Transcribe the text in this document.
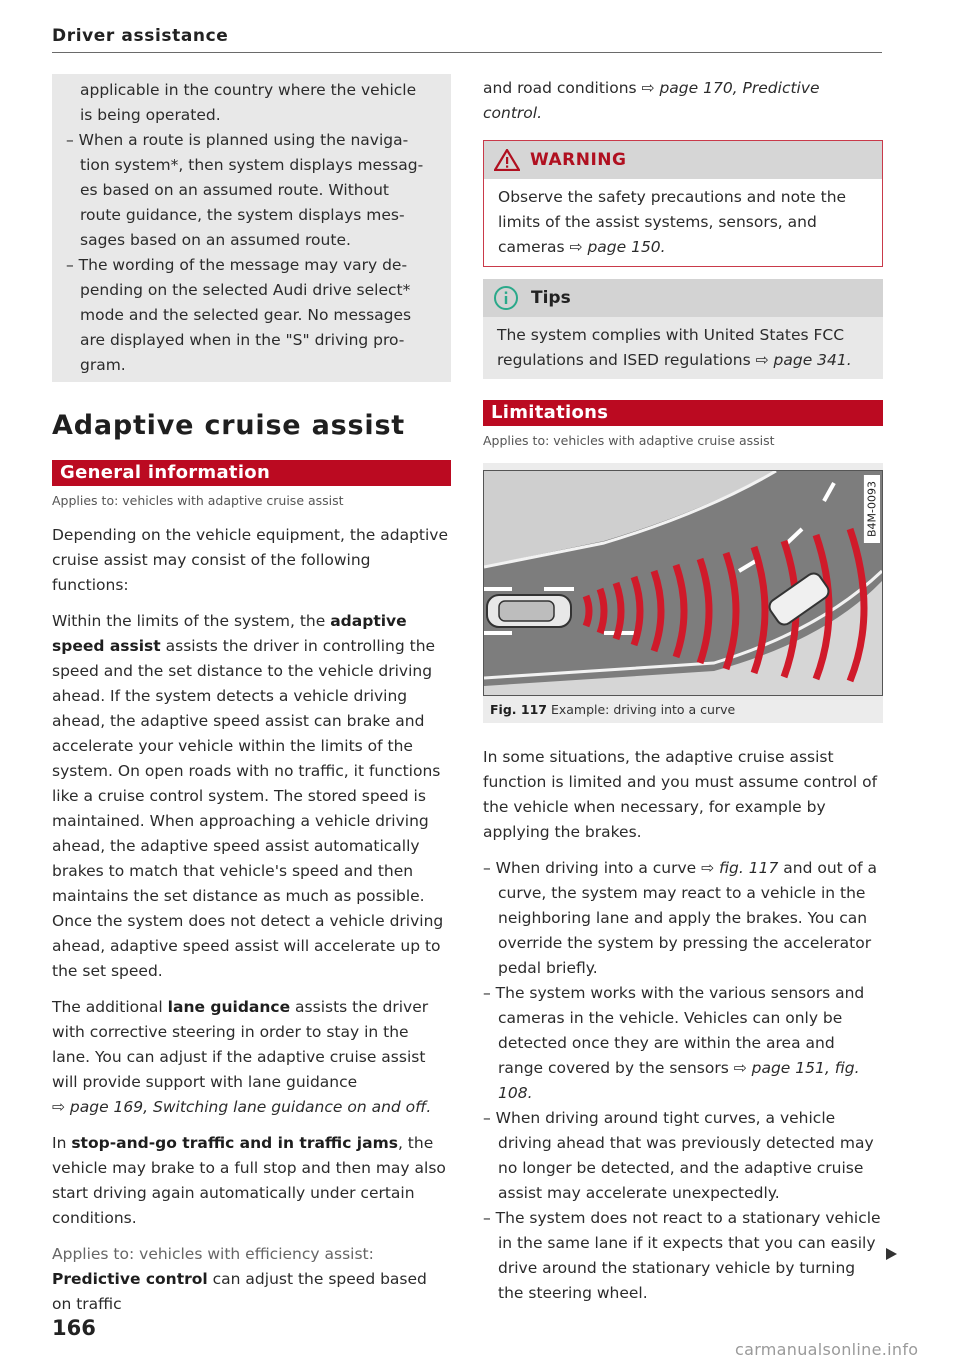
Driver assistance

applicable in the country where the vehicle

is being operated.

– When a route is planned using the naviga-

tion system*, then system displays messag-

es based on an assumed route. Without

route guidance, the system displays mes-

sages based on an assumed route.

– The wording of the message may vary de-

pending on the selected Audi drive select*

mode and the selected gear. No messages

are displayed when in the "S" driving pro-

gram.

Adaptive cruise assist
General information
Applies to: vehicles with adaptive cruise assist

Depending on the vehicle equipment, the adaptive cruise assist may consist of the following functions:

Within the limits of the system, the adaptive speed assist assists the driver in controlling the speed and the set distance to the vehicle driving ahead. If the system detects a vehicle driving ahead, the adaptive speed assist can brake and accelerate your vehicle within the limits of the system. On open roads with no traffic, it functions like a cruise control system. The stored speed is maintained. When approaching a vehicle driving ahead, the adaptive speed assist automatically brakes to match that vehicle's speed and then maintains the set distance as much as possible. Once the system does not detect a vehicle driving ahead, adaptive speed assist will accelerate up to the set speed.

The additional lane guidance assists the driver with corrective steering in order to stay in the lane. You can adjust if the adaptive cruise assist will provide support with lane guidance
⇨ page 169, Switching lane guidance on and off.

In stop-and-go traffic and in traffic jams, the vehicle may brake to a full stop and then may also start driving again automatically under certain conditions.

Applies to: vehicles with efficiency assist: Predictive control can adjust the speed based on traffic

and road conditions ⇨ page 170, Predictive control.

WARNING

Observe the safety precautions and note the limits of the assist systems, sensors, and cameras ⇨ page 150.

Tips

The system complies with United States FCC regulations and ISED regulations ⇨ page 341.

Limitations
Applies to: vehicles with adaptive cruise assist
B4M-0093
Fig. 117 Example: driving into a curve

In some situations, the adaptive cruise assist function is limited and you must assume control of the vehicle when necessary, for example by applying the brakes.

– When driving into a curve ⇨ fig. 117 and out of a curve, the system may react to a vehicle in the neighboring lane and apply the brakes. You can override the system by pressing the accelerator pedal briefly.

– The system works with the various sensors and cameras in the vehicle. Vehicles can only be detected once they are within the area and range covered by the sensors ⇨ page 151, fig. 108.

– When driving around tight curves, a vehicle driving ahead that was previously detected may no longer be detected, and the adaptive cruise assist may accelerate unexpectedly.

– The system does not react to a stationary vehicle in the same lane if it expects that you can easily drive around the stationary vehicle by turning the steering wheel.

166
carmanualsonline.info
